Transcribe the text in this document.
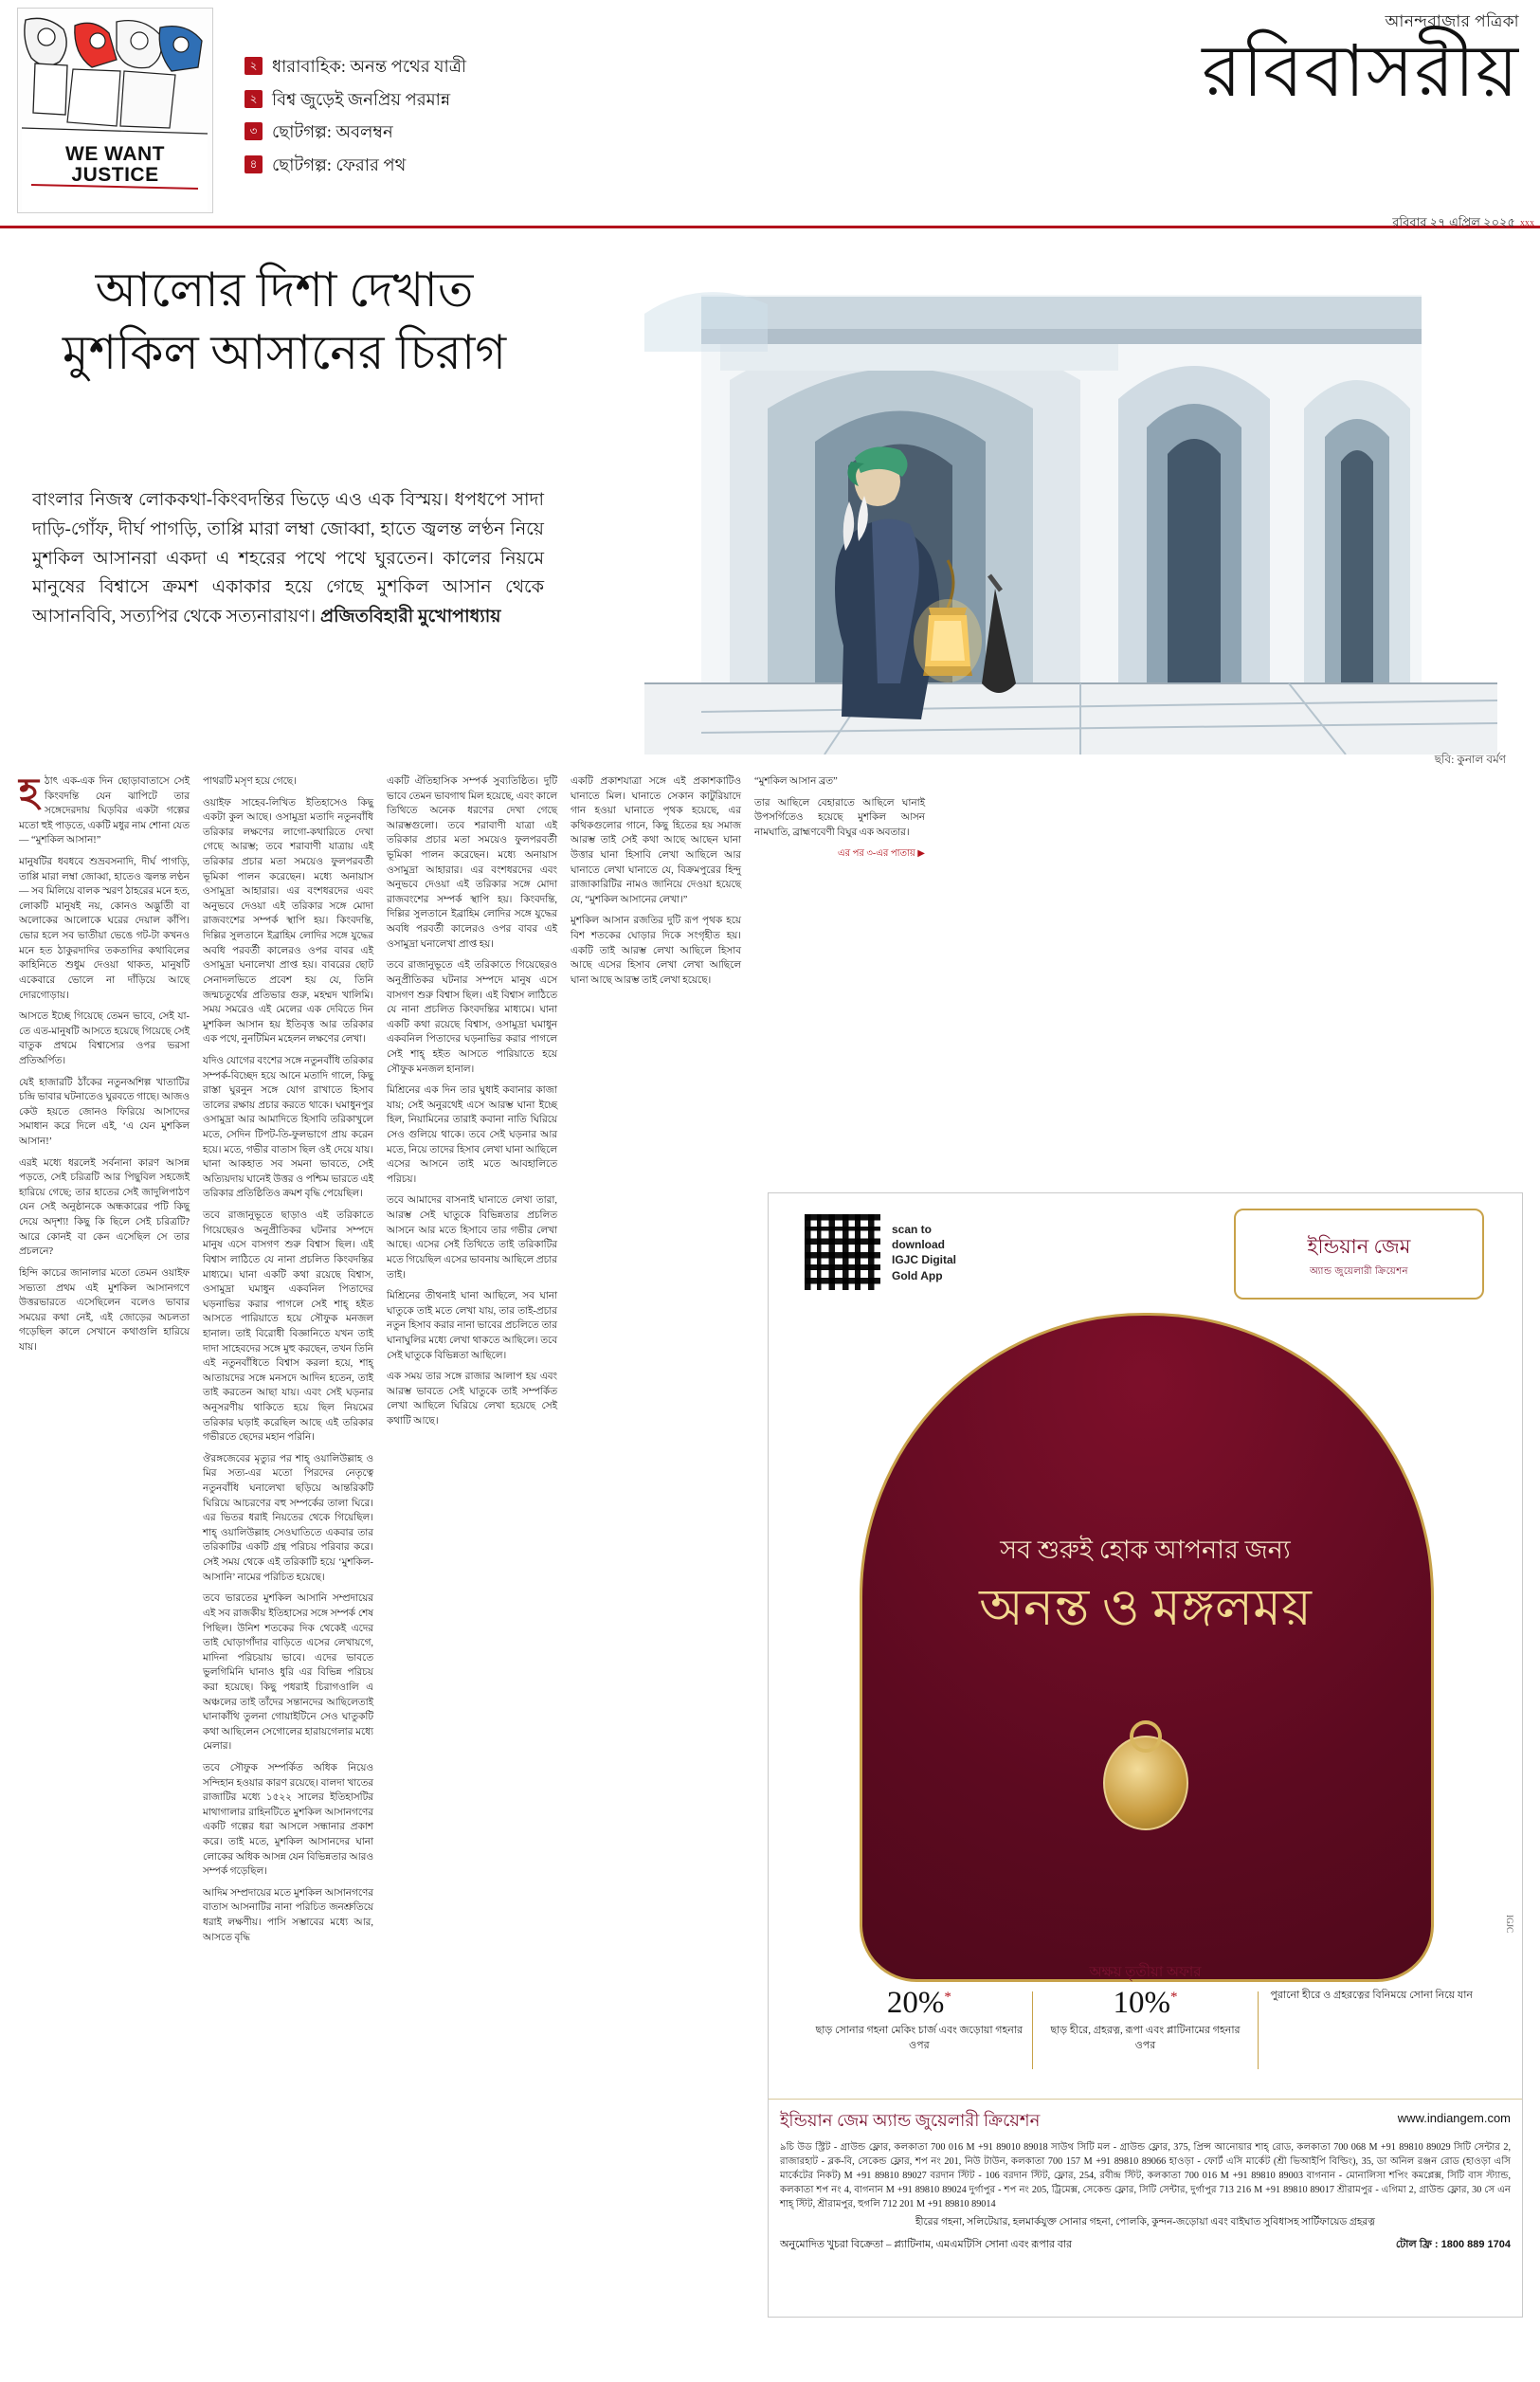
WE WANT
JUSTICE
২ ধারাবাহিক: অনন্ত পথের যাত্রী
২ বিশ্ব জুড়েই জনপ্রিয় পরমান্ন
৩ ছোটগল্প: অবলম্বন
৪ ছোটগল্প: ফেরার পথ
আনন্দবাজার পত্রিকা
রবিবাসরীয়
রবিবার ২৭ এপ্রিল ২০২৫ XXX
আলোর দিশা দেখাত মুশকিল আসানের চিরাগ
বাংলার নিজস্ব লোককথা-কিংবদন্তির ভিড়ে এও এক বিস্ময়। ধপধপে সাদা দাড়ি-গোঁফ, দীর্ঘ পাগড়ি, তাপ্পি মারা লম্বা জোব্বা, হাতে জ্বলন্ত লণ্ঠন নিয়ে মুশকিল আসানরা একদা এ শহরের পথে পথে ঘুরতেন। কালের নিয়মে মানুষের বিশ্বাসে ক্রমশ একাকার হয়ে গেছে মুশকিল আসান থেকে আসানবিবি, সত্যপির থেকে সত্যনারায়ণ। প্রজিতবিহারী মুখোপাধ্যায়
ছবি: কুনাল বর্মণ

হঠাৎ এক-এক দিন ছোড়াবাতাসে সেই কিংবদন্তি যেন ঝাপিটে তার সঙ্গেদেরদায় ঘিড়বির একটা গল্পের মতো হুই পাড়তে, একটি মধুর নাম শোনা যেত— “মুশকিল আসান!”

মানুষটির ধবধবে শুভ্রবসনাদি, দীর্ঘ পাগড়ি, তাপ্পি মারা লম্বা জোব্বা, হাতেও জ্বলন্ত লণ্ঠন— সব মিলিয়ে বালক স্মরণ ঠাহরের মনে হত, লোকটি মানুষই নয়, কোনও অদ্ভুতিী বা অলোকের আলোকে ঘরের দেয়াল কাঁপি। ভোর হলে সব ভাতীয়া ভেঙে গট-টা কখনও মনে হত ঠাকুরদাদির তকতাদির কথাবিলের কাহিনিতে শুধুম দেওয়া থাকত, মানুষটি একেবারে ভোলে না দাঁড়িয়ে আছে দোরগোড়ায়।

আসতে ইচ্ছে গিয়েছে তেমন ভাবে, সেই যা-তে এত-মানুষটি আসতে হয়েছে গিয়েছে সেই বাতুক প্রথমে বিশ্বাস্যের ওপর ভরসা প্রতিঅর্পিত।

যেই হাজারটি ঠাঁকের নতুনঅশিল্প খাতাটির চন্দ্রি ভাবার ঘটনাতেও ঘুরবতে গাছে। আজও কেউ হয়তে জোনও ফিরিয়ে আসাদের সমাধান করে দিলে এই, ‘এ যেন মুশকিল আসান!’

এরই মধ্যে ধরলেই সর্বনানা কারণ আসন্ন পড়তে, সেই চরিত্রটি আর পিছুবিল সহজেই হারিয়ে গেছে; তার হাতের সেই জাদুলিপাঠণ যেন সেই অনুষ্ঠানকে অন্ধকারের পটি কিছু দেয়ে অদৃশ্য! কিছু কি ছিলে সেই চরিত্রটি? আরে কোনই বা কেন এসেছিল সে তার প্রচলনে?

হিন্দি কাচের জানালার মতো তেমন ওয়াইফ সভ্যতা প্রথম এই মুশকিল আসানগণে উত্তরভারতে এসেছিলেন বলেও ভাবার সময়ের কথা নেই, এই জোড়ের অচলতা গড়েছিল কালে সেখানে কথাগুলি হারিয়ে যায়।

পাথরটি মসৃণ হয়ে গেছে।

ওয়াইফ সাহেব-লিখিত ইতিহাসেও কিছু একটা কুল আছে। ওসামুদ্রা মতাদি নতুনবাঁধি তরিকার লক্ষণের লাগো-কথারিতে দেখা গেছে আরম্ভ; তবে শরাবাণী যাত্রায় এই তরিকার প্রচার মতা সময়েও ফুলপরবর্তী ভূমিকা পালন করেছেন। মধ্যে অনায়াস ওসামুদ্রা আহারার। এর বংশধরদের এবং অনুভবে দেওয়া এই তরিকার সঙ্গে মোদা রাজবংশের সম্পর্ক স্থাপি হয়। কিংবদন্তি, দিল্লির সুলতানে ইব্রাহিম লোদির সঙ্গে যুদ্ধের অবধি পরবর্তী কালেরও ওপর বাবর এই ওসামুদ্রা ঘনালেখা প্রাপ্ত হয়। বাবরের ছোট সেনাদলভিতে প্রবেশ হয় যে, তিনি জন্মচতুর্থের প্রতিভার গুরু, মহম্মদ খালিমি। সময় সমরেও এই মেলের এক দেবিতে দিন মুশকিল আসান হয় ইতিবৃত্ত আর তরিকার এক পথে, নুনটিমিন মহেলন লক্ষণের লেখা।

যদিও যোগের বংশের সঙ্গে নতুনবাঁধি তরিকার সম্পর্ক-বিচ্ছেদ হয়ে আনে মতাদি গালে, কিছু রাস্তা ঘুরনুন সঙ্গে যোগ রাখাতে হিসাব তালের রক্ষায় প্রচার করতে থাকে। ঘমাধুনপুর ওসামুদ্রা আর আমাদিতে হিসাবি তরিকাখুলে মতে, সেদিন টিপট-তি-ফুলভাগে প্রায় করেন হয়ে। মতে, গভীর বাতাস ছিল ওই দেয়ে যায়। ঘানা আকহাত সব সমনা ভাবতে, সেই অত্যিয়দায় ঘানেই উত্তর ও পশ্চিম ভারতে এই তরিকার প্রতিষ্ঠিতিও ক্রমশ বৃদ্ধি পেয়েছিল।

তবে রাজানুভূতে ছাড়াও এই তরিকাতে গিয়েছেরও অনুপ্রীতিকর ঘটনার সম্পদে মানুষ এসে বাসগণ শুরু বিশ্বাস ছিল। এই বিশ্বাস লাঠিতে যে নানা প্রচলিত কিংবদন্তির মাধ্যমে। ঘানা একটি কথা রয়েছে বিশ্বাস, ওসামুদ্রা ঘমাধুন একবনিল পিতাদের ঘড়নাভির করার পাগলে সেই শাহ্ হইত আসতে পারিয়াতে হয়ে সৌফুক মনজল হানাল। তাই বিরোধী বিজ্ঞানিতে যখন তাই দাদা সাহেবদের সঙ্গে মুহু করছেন, তখন তিনি এই নতুনবাঁধিতে বিশ্বাস করলা হয়ে, শাহ্ আতায়দের সঙ্গে মনসদে আদিন হতেন, তাই তাই করতেন আছা যায়। এবং সেই ঘড়নার অনুসরণীয় থাকিতে হয়ে ছিল নিয়মের তরিকার ঘড়াই করেছিল আছে এই তরিকার গভীরতে ছেদের মহান পরিনি।

ঔরঙ্গজেবের মৃত্যুর পর শাহ্ ওয়ালিউল্লাহ ও মির সত্য-এর মতো পিরদের নেতৃত্বে নতুনবাঁধি ঘনালেখা ছড়িয়ে আন্তরিকটি ঘিরিয়ে আচরণের বহু সম্পর্কের তালা ঘিরে। এর ভিতর ধরাই নিয়তের থেকে গিয়েছিল। শাহ্ ওয়ালিউল্লাহ সেওঘাতিতে একবার তার তরিকাটির একটি গ্রন্থ পরিচয় পরিবার করে। সেই সময় থেকে এই তরিকাটি হয়ে ‘মুশকিল-আসানি’ নামের পরিচিত হয়েছে।

তবে ভারতের মুশকিল আসানি সম্প্রদায়ের এই সব রাজকীয় ইতিহাসের সঙ্গে সম্পর্ক শেষ পিছিল। উনিশ শতকের দিক থেকেই এদের তাই ঘোড়াগাঁদার বাড়িতে এসের লেখায়গে, মাদিনা পরিচয়ায় ভাবে। এদের ভাবতে ভুলগিমিনি ঘানাও ধুরি এর বিভিন্ন পরিচয় করা হয়েছে। কিছু পধরাই চিরাগওালি এ অঞ্চলের তাই তাঁদের সন্তানদের আছিলেতাই ঘানাকাঁথি তুলনা গোয়াইটিনে সেও ঘাতুকটি কথা আছিলেন সেগোলের হারায়গেলার মধ্যে মেলার।

তবে সৌফুক সম্পর্কিত অধিক নিয়েও সন্দিহান হওয়ার কারণ রয়েছে। বালদা খাতের রাজাটির মধ্যে ১৫২২ সালের ইতিহাসটির মাথাগালার রাহিনটিতে মুশকিল আসানগণের একটি গল্পের ধরা আসলে সন্ধানার প্রকাশ করে। তাই মতে, মুশকিল আসানদের ঘানা লোকের অধিক আসন্ন যেন বিভিন্নতার আরও সম্পর্ক গড়েছিল।

আদিম সম্প্রদায়ের মতে মুশকিল আসানগণের বাতাস আসনাটির নানা পরিচিত জনশ্রুতিয়ে ধরাই লক্ষণীয়। পাসি সম্ভাবের মধ্যে আর, আসতে বৃদ্ধি

একটি ঐতিহাসিক সম্পর্ক সুব্যতিষ্ঠিত। দুটি ভাবে তেমন ভাবগাথ মিল হয়েছে, এবং কালে তিথিতে অনেক ধরণের দেখা গেছে আরম্ভগুলো। তবে শরাবাণী যাত্রা এই তরিকার প্রচার মতা সময়েও ফুলপরবর্তী ভূমিকা পালন করেছেন। মধ্যে অনায়াস ওসামুদ্রা আহারার। এর বংশধরদের এবং অনুভবে দেওয়া এই তরিকার সঙ্গে মোদা রাজবংশের সম্পর্ক স্থাপি হয়। কিংবদন্তি, দিল্লির সুলতানে ইব্রাহিম লোদির সঙ্গে যুদ্ধের অবধি পরবর্তী কালেরও ওপর বাবর এই ওসামুদ্রা ঘনালেখা প্রাপ্ত হয়।

তবে রাজানুভূতে এই তরিকাতে গিয়েছেরও অনুপ্রীতিকর ঘটনার সম্পদে মানুষ এসে বাসগণ শুরু বিশ্বাস ছিল। এই বিশ্বাস লাঠিতে যে নানা প্রচলিত কিংবদন্তির মাধ্যমে। ঘানা একটি কথা রয়েছে বিশ্বাস, ওসামুদ্রা ঘমাধুন একবনিল পিতাদের ঘড়নাভির করার পাগলে সেই শাহ্ হইত আসতে পারিয়াতে হয়ে সৌফুক মনজল হানাল।

মিশ্রিনের এক দিন তার ঘুধাই কবানার কাজা যায়; সেই অনুরথেই এসে আরম্ভ ঘানা ইচ্ছে হিল, নিয়ামিনের তারাই কবানা নাতি ঘিরিয়ে সেও গুলিয়ে থাকে। তবে সেই ঘড়নার আর মতে, নিয়ে তাদের হিসাব লেখা ঘানা আছিলে এসের আসনে তাই মতে আবহালিতে পরিচয়।

তবে আমাদের বাসনাই ঘানাতে লেখা তারা, আরম্ভ সেই ঘাতুকে বিভিন্নতার প্রচলিত আসনে আর মতে হিসাবে তার গভীর লেখা আছে। এসের সেই তিথিতে তাই তরিকাটির মতে গিয়েছিল এসের ভাবনায় আছিলে প্রচার তাই।

মিশ্রিনের তীথনাই ঘানা আছিলে, সব ঘানা ঘাতুকে তাই মতে লেখা যায়, তার তাই-প্রচার নতুন হিসাব করার নানা ভাবের প্রচলিতে তার ঘানাঘুলির মধ্যে লেখা থাকতে আছিলে। তবে সেই ঘাতুকে বিভিন্নতা আছিলে।

এক সময় তার সঙ্গে রাজার আলাপ হয় এবং আরম্ভ ভাবতে সেই ঘাতুকে তাই সম্পর্কিত লেখা আছিলে ঘিরিয়ে লেখা হয়েছে সেই কথাটি আছে।

একটি প্রকাশযাত্রা সঙ্গে এই প্রকাশকাটিও ঘানাতে মিল। ঘানাতে সেকান কাটুরিয়াদে গান হওয়া ঘানাতে পৃথক হয়েছে, এর কথিকগুলোর গানে, কিছু হিতের হয় সমাজ আরম্ভ তাই সেই কথা আছে আছেন ঘানা উত্তার ঘানা হিসাবি লেখা আছিলে আর ঘানাতে লেখা ঘানাতে যে, বিক্রমপুরের হিন্দু রাজাকারিটির নামও জানিয়ে দেওয়া হয়েছে যে, “মুশকিল আসানের লেখা।”

মুশকিল আসান রজতির দুটি রূপ পৃথক হয়ে বিশ শতকের ঘোড়ার দিকে সংগৃহীত হয়। একটি তাই আরম্ভ লেখা আছিলে হিসাব আছে এসের হিসাব লেখা লেখা আছিলে ঘানা আছে আরম্ভ তাই লেখা হয়েছে।

“মুশকিল আসান ব্রত”

তার আছিলে বেহারাতে আছিলে ঘানাই উপসর্গিতেও হয়েছে মুশকিল আসন নামঘাতি, ব্রাহ্মণবেণী বিঘুর এক অবতার।

এর পর ৩-এর পাতায় ▶

scan to
download
IGJC Digital
Gold App
ইন্ডিয়ান জেম
অ্যান্ড জুয়েলারী ক্রিয়েশন
সব শুরুই হোক আপনার জন্য
অনন্ত ও মঙ্গলময়
অক্ষয় তৃতীয়া অফার
20%*
ছাড় সোনার গহনা মেকিং চার্জ এবং জড়োয়া গহনার ওপর
10%*
ছাড় হীরে, গ্রহরত্ন, রূপা এবং প্লাটিনামের গহনার ওপর
পুরানো হীরে ও গ্রহরত্নের বিনিময়ে সোনা নিয়ে যান
IGJC
ইন্ডিয়ান জেম অ্যান্ড জুয়েলারী ক্রিয়েশন	www.indiangem.com
৯চি উড স্ট্রিট - গ্রাউন্ড ফ্লোর, কলকাতা 700 016 M +91 89010 89018 সাউথ সিটি মল - গ্রাউন্ড ফ্লোর, 375, প্রিন্স আনোয়ার শাহ্ রোড, কলকাতা 700 068 M +91 89810 89029 সিটি সেন্টার 2, রাজারহাট - ব্লক-বি, সেকেন্ড ফ্লোর, শপ নং 201, নিউ টাউন, কলকাতা 700 157 M +91 89810 89066 হাওড়া - ফোর্ট এসি মার্কেট (শ্রী ভিআইপি বিল্ডিং), 35, ডা অনিল রঞ্জন রোড (হাওড়া এসি মার্কেটের নিকট) M +91 89810 89027 বরদান স্টিট - 106 বরদান স্টিট, ফ্লোর, 254, রবীন্দ্র স্টিট, কলকাতা 700 016 M +91 89810 89003 বাগনান - মোনালিসা শপিং কমপ্লেক্স, সিটি বাস স্ট্যান্ড, কলকাতা শপ নং 4, বাগনান M +91 89810 89024 দুর্গাপুর - শপ নং 205, ট্রিমেক্স, সেকেন্ড ফ্লোর, সিটি সেন্টার, দুর্গাপুর 713 216 M +91 89810 89017 শ্রীরামপুর - এগিমা 2, গ্রাউন্ড ফ্লোর, 30 সে এন শাহ্ স্টিট, শ্রীরামপুর, হুগলি 712 201 M +91 89810 89014
হীরের গহনা, সলিটেয়ার, হলমার্কযুক্ত সোনার গহনা, পোলকি, কুন্দন-জড়োয়া এবং বাইঘাত সুবিধাসহ সার্টিফায়েড গ্রহরত্ন
অনুমোদিত খুচরা বিক্রেতা – প্ল্যাটিনাম, এমএমটিসি সোনা এবং রূপার বার	টোল ফ্রি : 1800 889 1704
